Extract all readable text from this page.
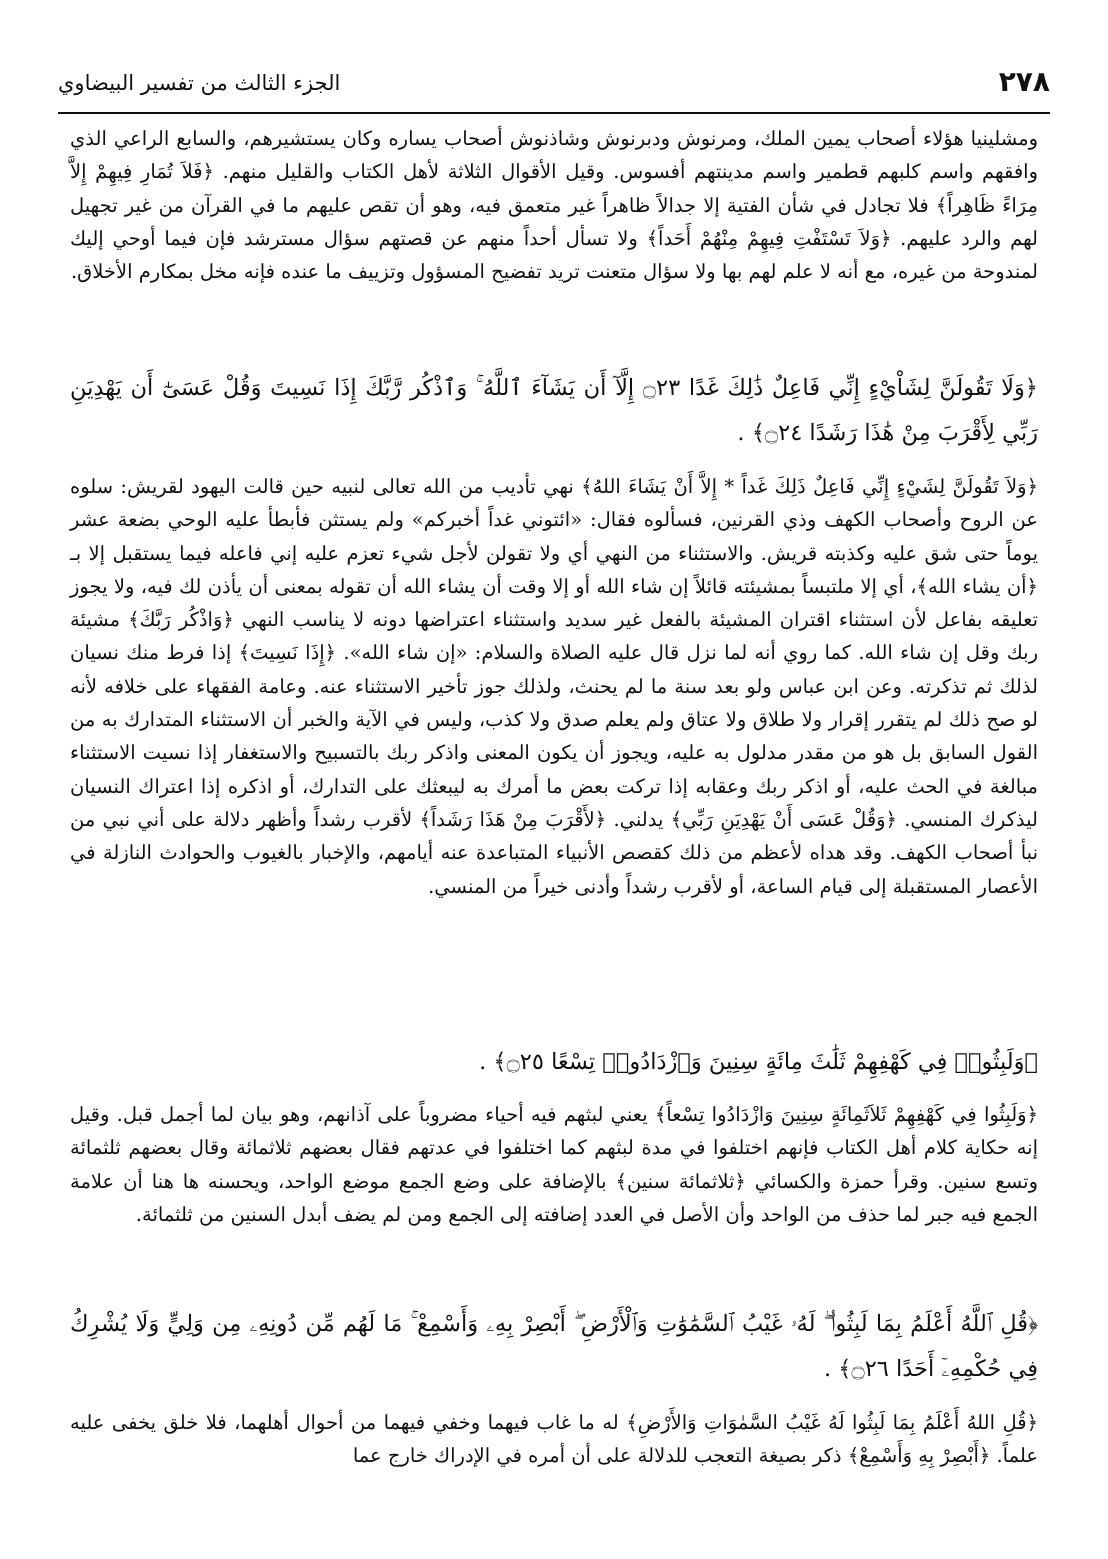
٢٧٨
الجزء الثالث من تفسير البيضاوي

ومشلينيا هؤلاء أصحاب يمين الملك، ومرنوش ودبرنوش وشاذنوش أصحاب يساره وكان يستشيرهم، والسابع الراعي الذي وافقهم واسم كلبهم قطمير واسم مدينتهم أفسوس. وقيل الأقوال الثلاثة لأهل الكتاب والقليل منهم. ﴿فَلاَ تُمَارِ فِيهِمْ إِلاَّ مِرَاءً ظَاهِراً﴾ فلا تجادل في شأن الفتية إلا جدالاً ظاهراً غير متعمق فيه، وهو أن تقص عليهم ما في القرآن من غير تجهيل لهم والرد عليهم. ﴿وَلاَ تَسْتَفْتِ فِيهِمْ مِنْهُمْ أَحَداً﴾ ولا تسأل أحداً منهم عن قصتهم سؤال مسترشد فإن فيما أوحي إليك لمندوحة من غيره، مع أنه لا علم لهم بها ولا سؤال متعنت تريد تفضيح المسؤول وتزييف ما عنده فإنه مخل بمكارم الأخلاق.

﴿وَلَا تَقُولَنَّ لِشَاْيْءٍ إِنِّي فَاعِلٌ ذَٰلِكَ غَدًا ۝٢٣ إِلَّآ أَن يَشَآءَ ٱللَّهُ ۚ وَٱذْكُر رَّبَّكَ إِذَا نَسِيتَ وَقُلْ عَسَىٰٓ أَن يَهْدِيَنِ رَبِّي لِأَقْرَبَ مِنْ هَٰذَا رَشَدًا ۝٢٤﴾ .

﴿وَلاَ تَقُولَنَّ لِشَيْءٍ إِنِّي فَاعِلٌ ذَلِكَ غَداً * إِلاَّ أَنْ يَشَاءَ اللهُ﴾ نهي تأديب من الله تعالى لنبيه حين قالت اليهود لقريش: سلوه عن الروح وأصحاب الكهف وذي القرنين، فسألوه فقال: «ائتوني غداً أخبركم» ولم يستثن فأبطأ عليه الوحي بضعة عشر يوماً حتى شق عليه وكذبته قريش. والاستثناء من النهي أي ولا تقولن لأجل شيء تعزم عليه إني فاعله فيما يستقبل إلا بـ ﴿أن يشاء الله﴾، أي إلا ملتبساً بمشيئته قائلاً إن شاء الله أو إلا وقت أن يشاء الله أن تقوله بمعنى أن يأذن لك فيه، ولا يجوز تعليقه بفاعل لأن استثناء اقتران المشيئة بالفعل غير سديد واستثناء اعتراضها دونه لا يناسب النهي ﴿وَاذْكُر رَبَّكَ﴾ مشيئة ربك وقل إن شاء الله. كما روي أنه لما نزل قال عليه الصلاة والسلام: «إن شاء الله». ﴿إِذَا نَسِيتَ﴾ إذا فرط منك نسيان لذلك ثم تذكرته. وعن ابن عباس ولو بعد سنة ما لم يحنث، ولذلك جوز تأخير الاستثناء عنه. وعامة الفقهاء على خلافه لأنه لو صح ذلك لم يتقرر إقرار ولا طلاق ولا عتاق ولم يعلم صدق ولا كذب، وليس في الآية والخبر أن الاستثناء المتدارك به من القول السابق بل هو من مقدر مدلول به عليه، ويجوز أن يكون المعنى واذكر ربك بالتسبيح والاستغفار إذا نسيت الاستثناء مبالغة في الحث عليه، أو اذكر ربك وعقابه إذا تركت بعض ما أمرك به ليبعثك على التدارك، أو اذكره إذا اعتراك النسيان ليذكرك المنسي. ﴿وَقُلْ عَسَى أَنْ يَهْدِيَنِ رَبِّي﴾ يدلني. ﴿لأَقْرَبَ مِنْ هَذَا رَشَداً﴾ لأقرب رشداً وأظهر دلالة على أني نبي من نبأ أصحاب الكهف. وقد هداه لأعظم من ذلك كقصص الأنبياء المتباعدة عنه أيامهم، والإخبار بالغيوب والحوادث النازلة في الأعصار المستقبلة إلى قيام الساعة، أو لأقرب رشداً وأدنى خيراً من المنسي.

﴿وَلَبِثُوا۟ فِي كَهْفِهِمْ ثَلَٰثَ مِائَةٍ سِنِينَ وَٱزْدَادُوا۟ تِسْعًا ۝٢٥﴾ .

﴿وَلَبِثُوا فِي كَهْفِهِمْ ثَلاَثَمِائَةٍ سِنِينَ وَازْدَادُوا تِسْعاً﴾ يعني لبثهم فيه أحياء مضروباً على آذانهم، وهو بيان لما أجمل قبل. وقيل إنه حكاية كلام أهل الكتاب فإنهم اختلفوا في مدة لبثهم كما اختلفوا في عدتهم فقال بعضهم ثلاثمائة وقال بعضهم ثلثمائة وتسع سنين. وقرأ حمزة والكسائي ﴿ثلاثمائة سنين﴾ بالإضافة على وضع الجمع موضع الواحد، ويحسنه ها هنا أن علامة الجمع فيه جبر لما حذف من الواحد وأن الأصل في العدد إضافته إلى الجمع ومن لم يضف أبدل السنين من ثلثمائة.

﴿قُلِ ٱللَّهُ أَعْلَمُ بِمَا لَبِثُوا۟ ۖ لَهُۥ غَيْبُ ٱلسَّمَٰوَٰتِ وَٱلْأَرْضِ ۖ أَبْصِرْ بِهِۦ وَأَسْمِعْ ۚ مَا لَهُم مِّن دُونِهِۦ مِن وَلِيٍّ وَلَا يُشْرِكُ فِي حُكْمِهِۦٓ أَحَدًا ۝٢٦﴾ .

﴿قُلِ اللهُ أَعْلَمُ بِمَا لَبِثُوا لَهُ غَيْبُ السَّمٰوَاتِ وَالأَرْضِ﴾ له ما غاب فيهما وخفي فيهما من أحوال أهلهما، فلا خلق يخفى عليه علماً. ﴿أَبْصِرْ بِهِ وَأَسْمِعْ﴾ ذكر بصيغة التعجب للدلالة على أن أمره في الإدراك خارج عما
